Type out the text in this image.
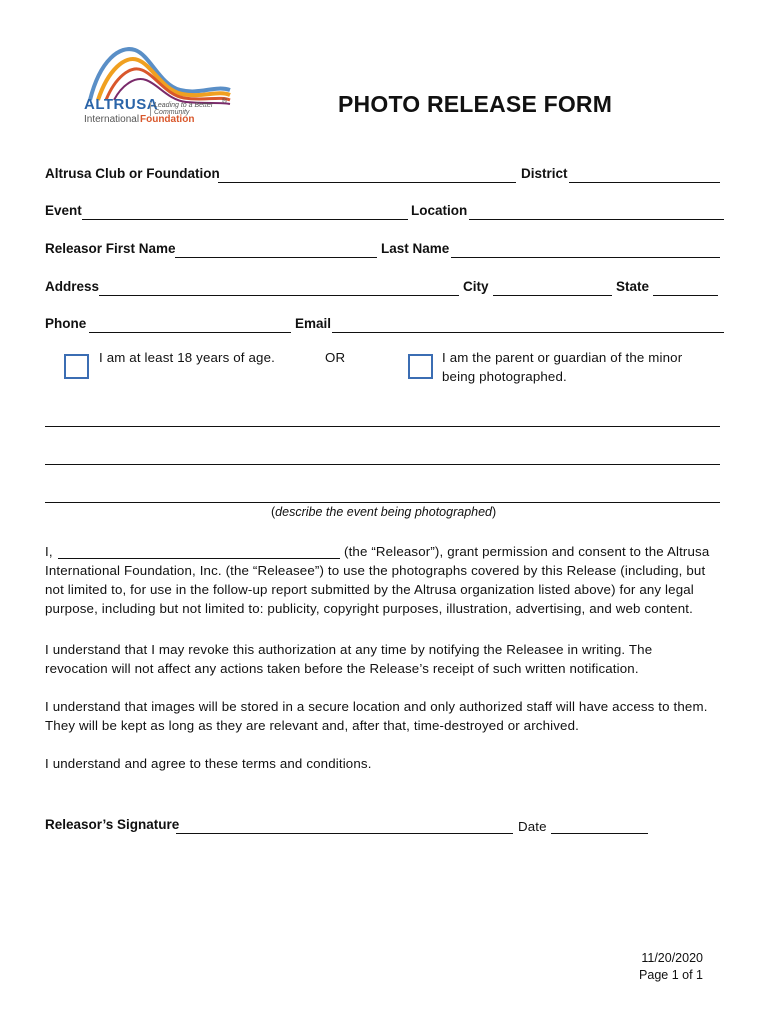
ALTRUSA
Leading to a Better Community
®
International Foundation
PHOTO RELEASE FORM
Altrusa Club or Foundation	District
Event	Location
Releasor First Name	Last Name
Address	City	State
Phone	Email
I am at least 18 years of age.	OR	I am the parent or guardian of the minor
being photographed.
(describe the event being photographed)
I,	(the “Releasor”), grant permission and consent to the Altrusa
International Foundation, Inc. (the “Releasee”) to use the photographs covered by this Release (including, but
not limited to, for use in the follow-up report submitted by the Altrusa organization listed above) for any legal
purpose, including but not limited to: publicity, copyright purposes, illustration, advertising, and web content.
I understand that I may revoke this authorization at any time by notifying the Releasee in writing. The
revocation will not affect any actions taken before the Release’s receipt of such written notification.
I understand that images will be stored in a secure location and only authorized staff will have access to them.
They will be kept as long as they are relevant and, after that, time-destroyed or archived.
I understand and agree to these terms and conditions.
Releasor’s Signature	Date
11/20/2020
Page 1 of 1
